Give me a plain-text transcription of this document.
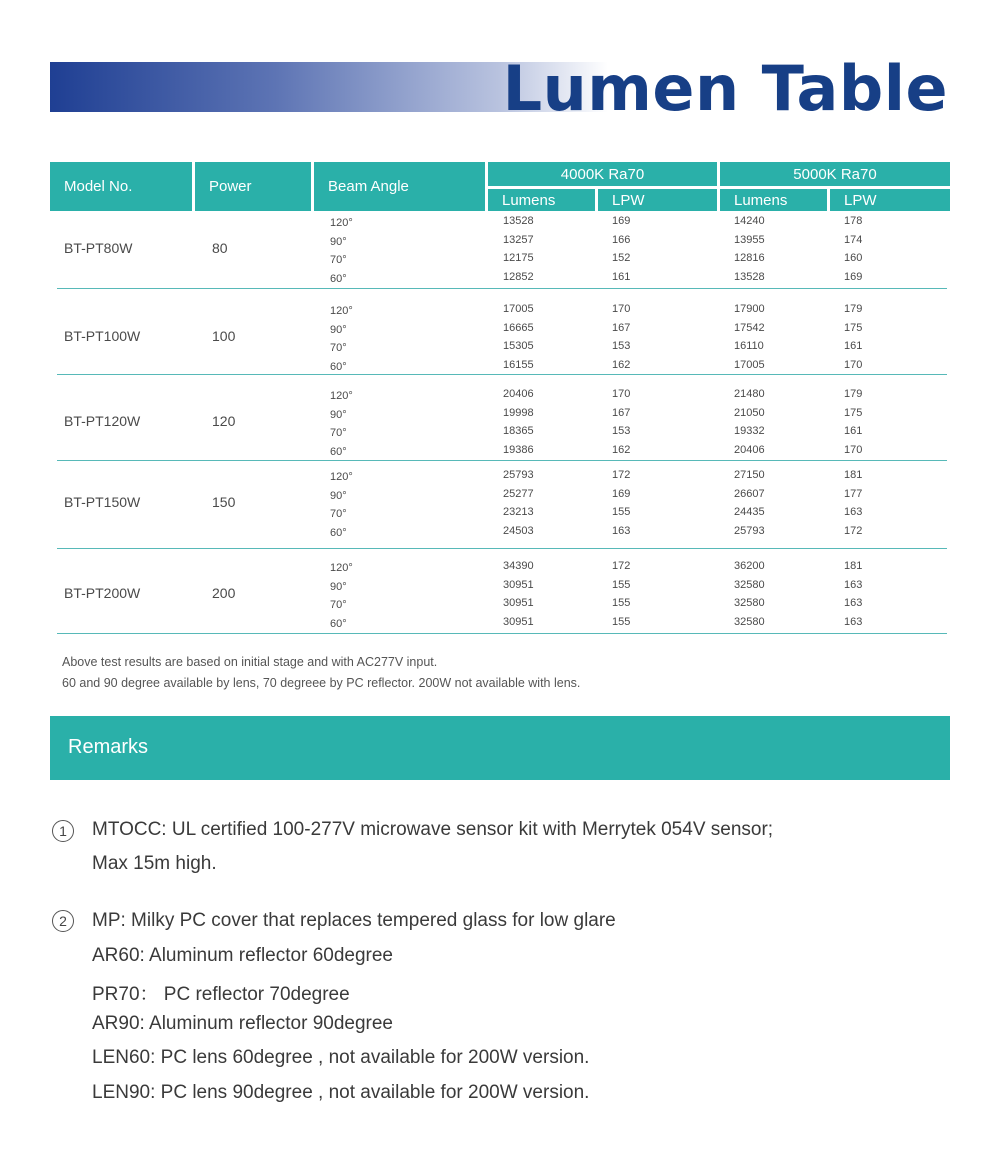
Lumen Table
Model No.	Power	Beam Angle
4000K Ra70	5000K Ra70
Lumens	LPW	Lumens	LPW
BT-PT80W	80
120°	13528	169	14240	178
90°	13257	166	13955	174
70°	12175	152	12816	160
60°	12852	161	13528	169
BT-PT100W	100
120°	17005	170	17900	179
90°	16665	167	17542	175
70°	15305	153	16110	161
60°	16155	162	17005	170
BT-PT120W	120
120°	20406	170	21480	179
90°	19998	167	21050	175
70°	18365	153	19332	161
60°	19386	162	20406	170
BT-PT150W	150
120°	25793	172	27150	181
90°	25277	169	26607	177
70°	23213	155	24435	163
60°	24503	163	25793	172
BT-PT200W	200
120°	34390	172	36200	181
90°	30951	155	32580	163
70°	30951	155	32580	163
60°	30951	155	32580	163
Above test results are based on initial stage and with AC277V input.
60 and 90 degree available by lens, 70 degreee by PC reflector. 200W not available with lens.
Remarks
1	MTOCC: UL certified 100-277V microwave sensor kit with Merrytek 054V sensor;
Max 15m high.
2	MP: Milky PC cover that replaces tempered glass for low glare
AR60: Aluminum reflector 60degree
PR70： PC reflector 70degree
AR90: Aluminum reflector 90degree
LEN60: PC lens 60degree , not available for 200W version.
LEN90: PC lens 90degree , not available for 200W version.
